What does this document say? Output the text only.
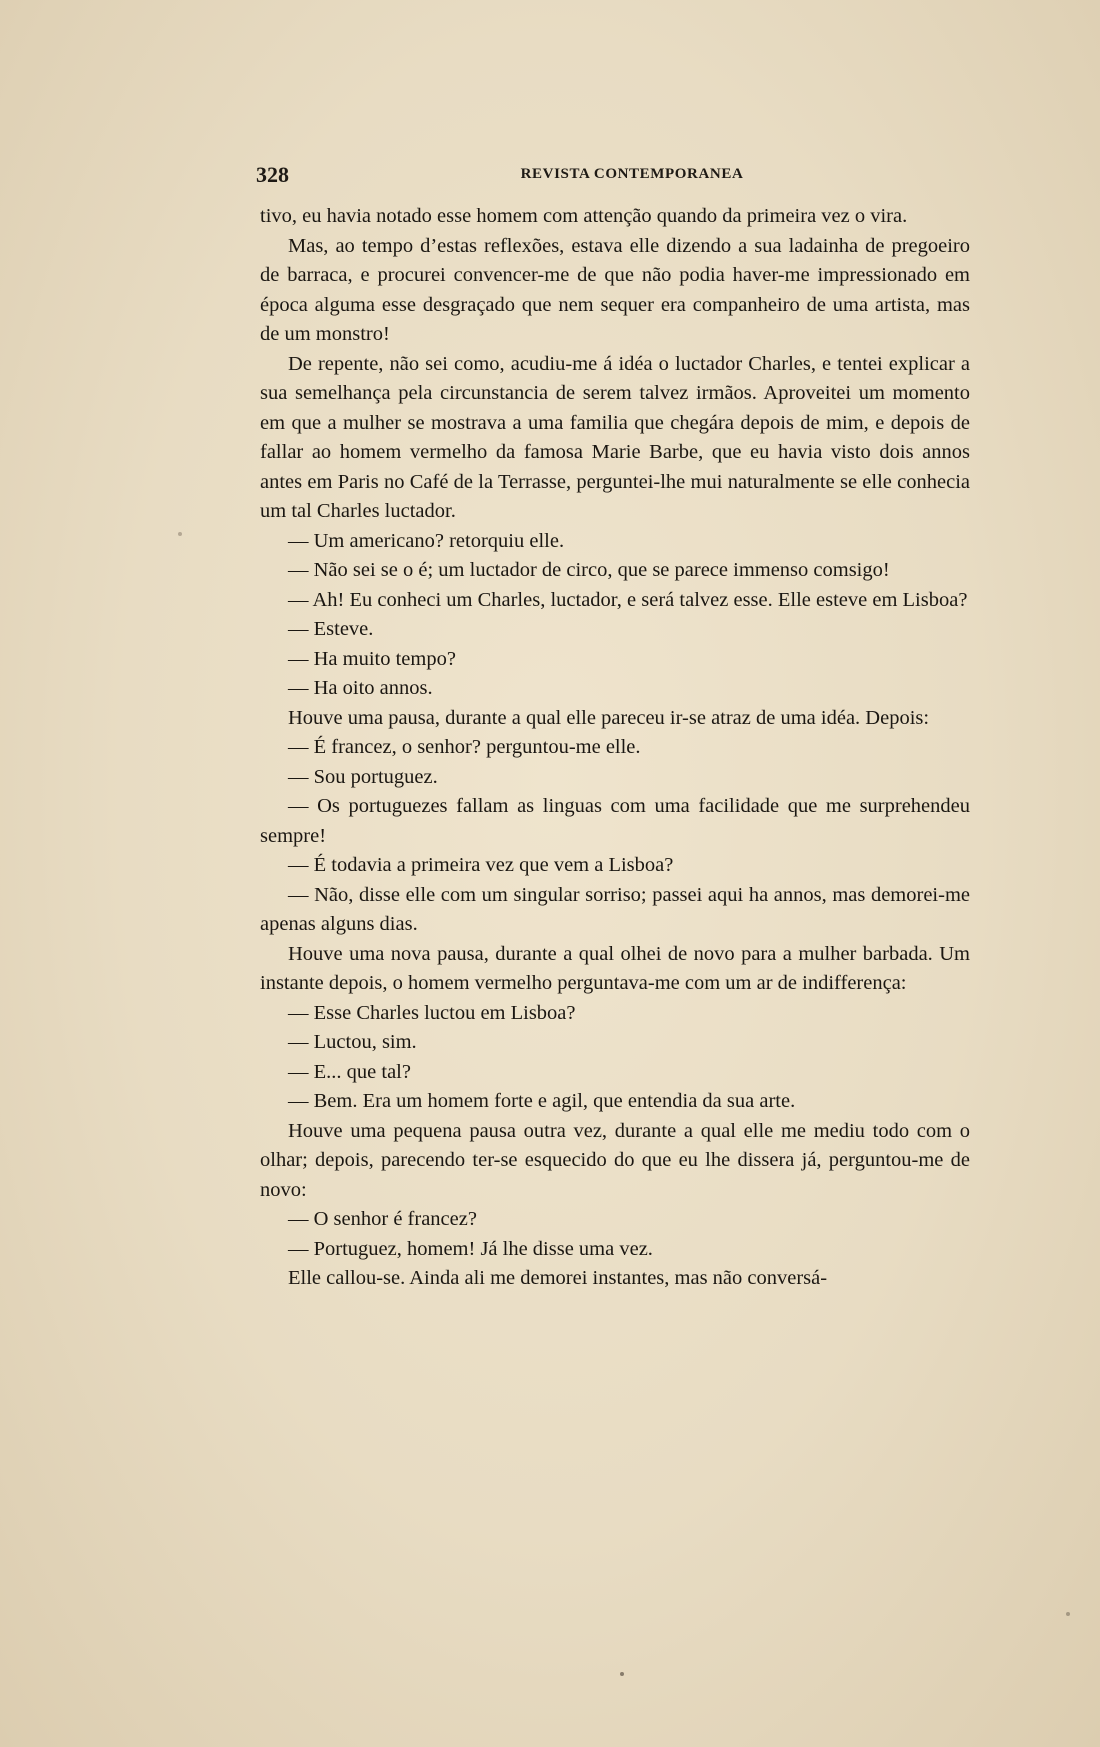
328	REVISTA CONTEMPORANEA

tivo, eu havia notado esse homem com attenção quando da primeira vez o vira.

Mas, ao tempo d’estas reflexões, estava elle dizendo a sua ladainha de pregoeiro de barraca, e procurei convencer-me de que não podia haver-me impressionado em época alguma esse desgraçado que nem sequer era companheiro de uma artista, mas de um monstro!

De repente, não sei como, acudiu-me á idéa o luctador Charles, e tentei explicar a sua semelhança pela circunstancia de serem talvez irmãos. Aproveitei um momento em que a mulher se mostrava a uma familia que chegára depois de mim, e depois de fallar ao homem vermelho da famosa Marie Barbe, que eu havia visto dois annos antes em Paris no Café de la Terrasse, perguntei-lhe mui naturalmente se elle conhecia um tal Charles luctador.

— Um americano? retorquiu elle.

— Não sei se o é; um luctador de circo, que se parece immenso comsigo!

— Ah! Eu conheci um Charles, luctador, e será talvez esse. Elle esteve em Lisboa?

— Esteve.

— Ha muito tempo?

— Ha oito annos.

Houve uma pausa, durante a qual elle pareceu ir-se atraz de uma idéa. Depois:

— É francez, o senhor? perguntou-me elle.

— Sou portuguez.

— Os portuguezes fallam as linguas com uma facilidade que me surprehendeu sempre!

— É todavia a primeira vez que vem a Lisboa?

— Não, disse elle com um singular sorriso; passei aqui ha annos, mas demorei-me apenas alguns dias.

Houve uma nova pausa, durante a qual olhei de novo para a mulher barbada. Um instante depois, o homem vermelho perguntava-me com um ar de indifferença:

— Esse Charles luctou em Lisboa?

— Luctou, sim.

— E... que tal?

— Bem. Era um homem forte e agil, que entendia da sua arte.

Houve uma pequena pausa outra vez, durante a qual elle me mediu todo com o olhar; depois, parecendo ter-se esquecido do que eu lhe dissera já, perguntou-me de novo:

— O senhor é francez?

— Portuguez, homem! Já lhe disse uma vez.

Elle callou-se. Ainda ali me demorei instantes, mas não conversá-
